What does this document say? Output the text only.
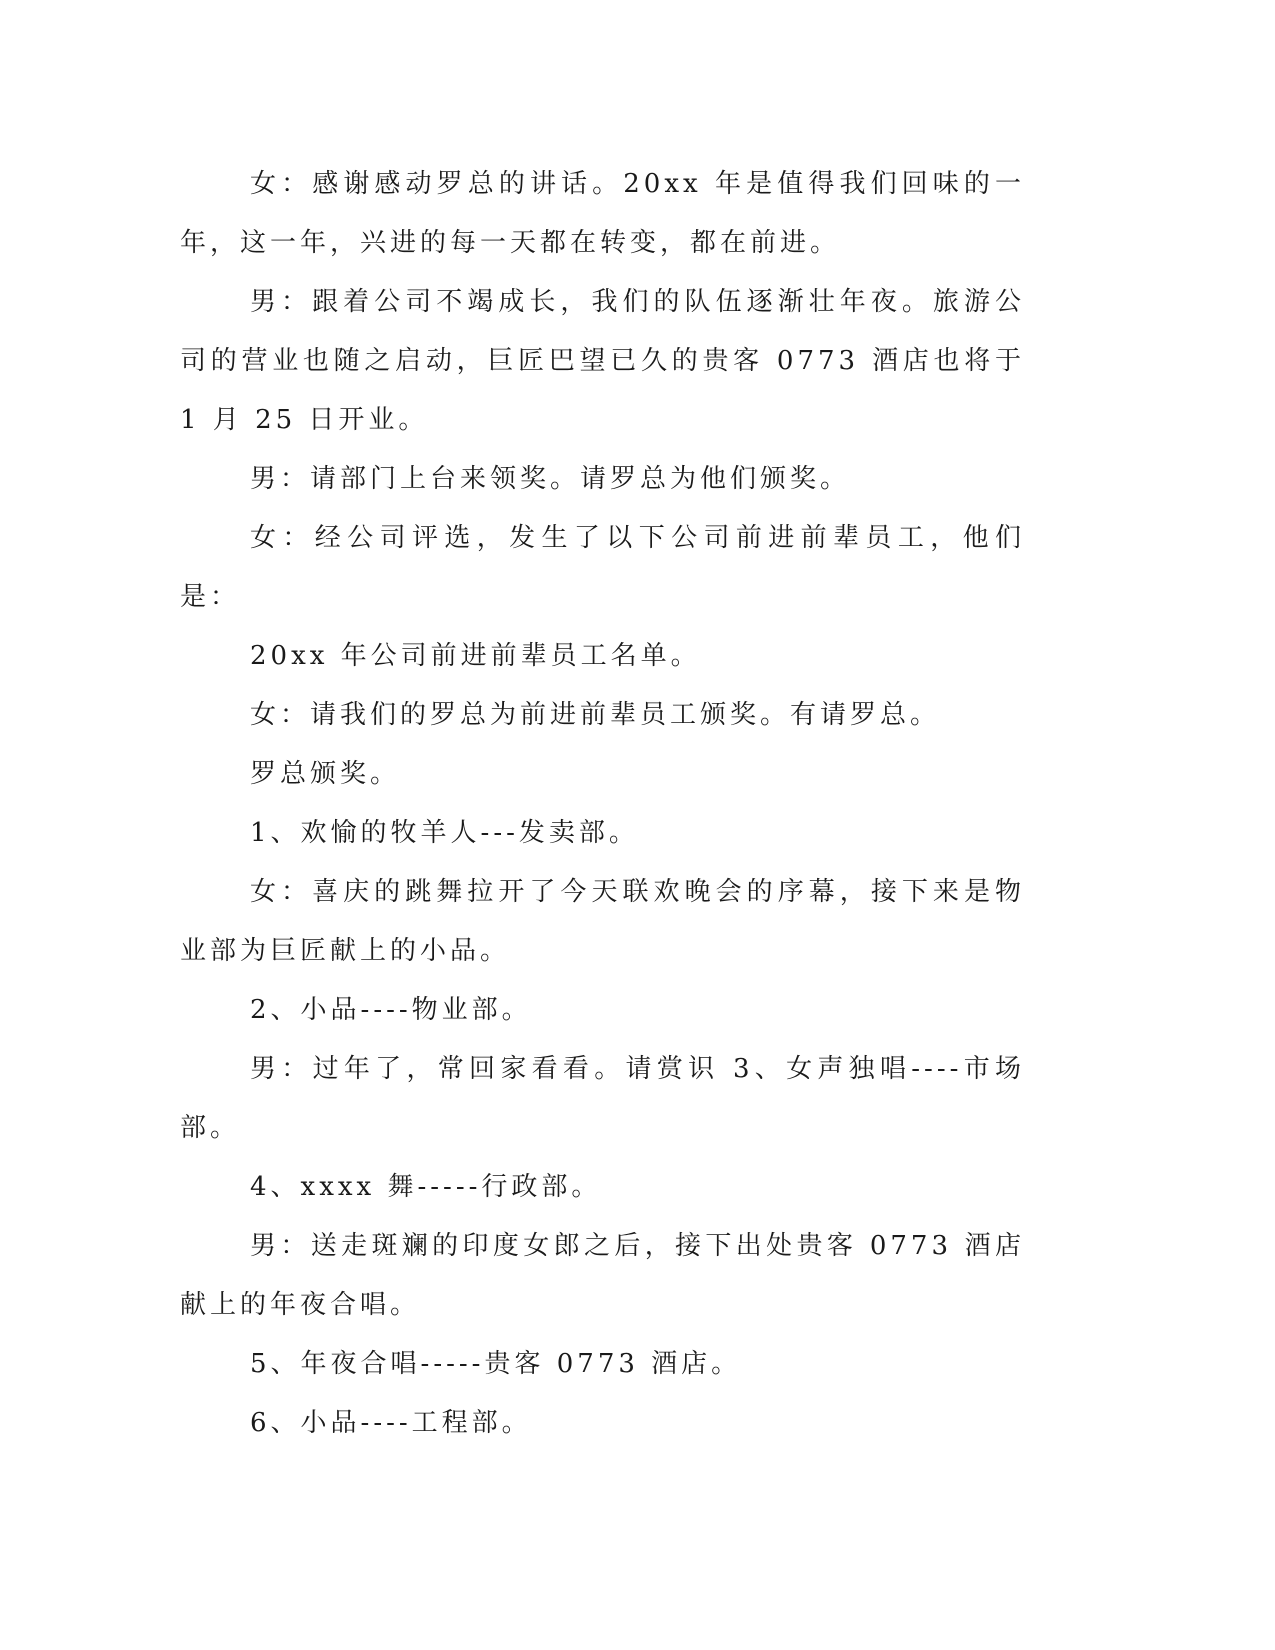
女：感谢感动罗总的讲话。20xx 年是值得我们回味的一年，这一年，兴进的每一天都在转变，都在前进。

男：跟着公司不竭成长，我们的队伍逐渐壮年夜。旅游公司的营业也随之启动，巨匠巴望已久的贵客 0773 酒店也将于 1 月 25 日开业。

男：请部门上台来领奖。请罗总为他们颁奖。

女：经公司评选，发生了以下公司前进前辈员工，他们是：

20xx 年公司前进前辈员工名单。

女：请我们的罗总为前进前辈员工颁奖。有请罗总。

罗总颁奖。

1、欢愉的牧羊人---发卖部。

女：喜庆的跳舞拉开了今天联欢晚会的序幕，接下来是物业部为巨匠献上的小品。

2、小品----物业部。

男：过年了，常回家看看。请赏识 3、女声独唱----市场部。

4、xxxx 舞-----行政部。

男：送走斑斓的印度女郎之后，接下出处贵客 0773 酒店献上的年夜合唱。

5、年夜合唱-----贵客 0773 酒店。

6、小品----工程部。
